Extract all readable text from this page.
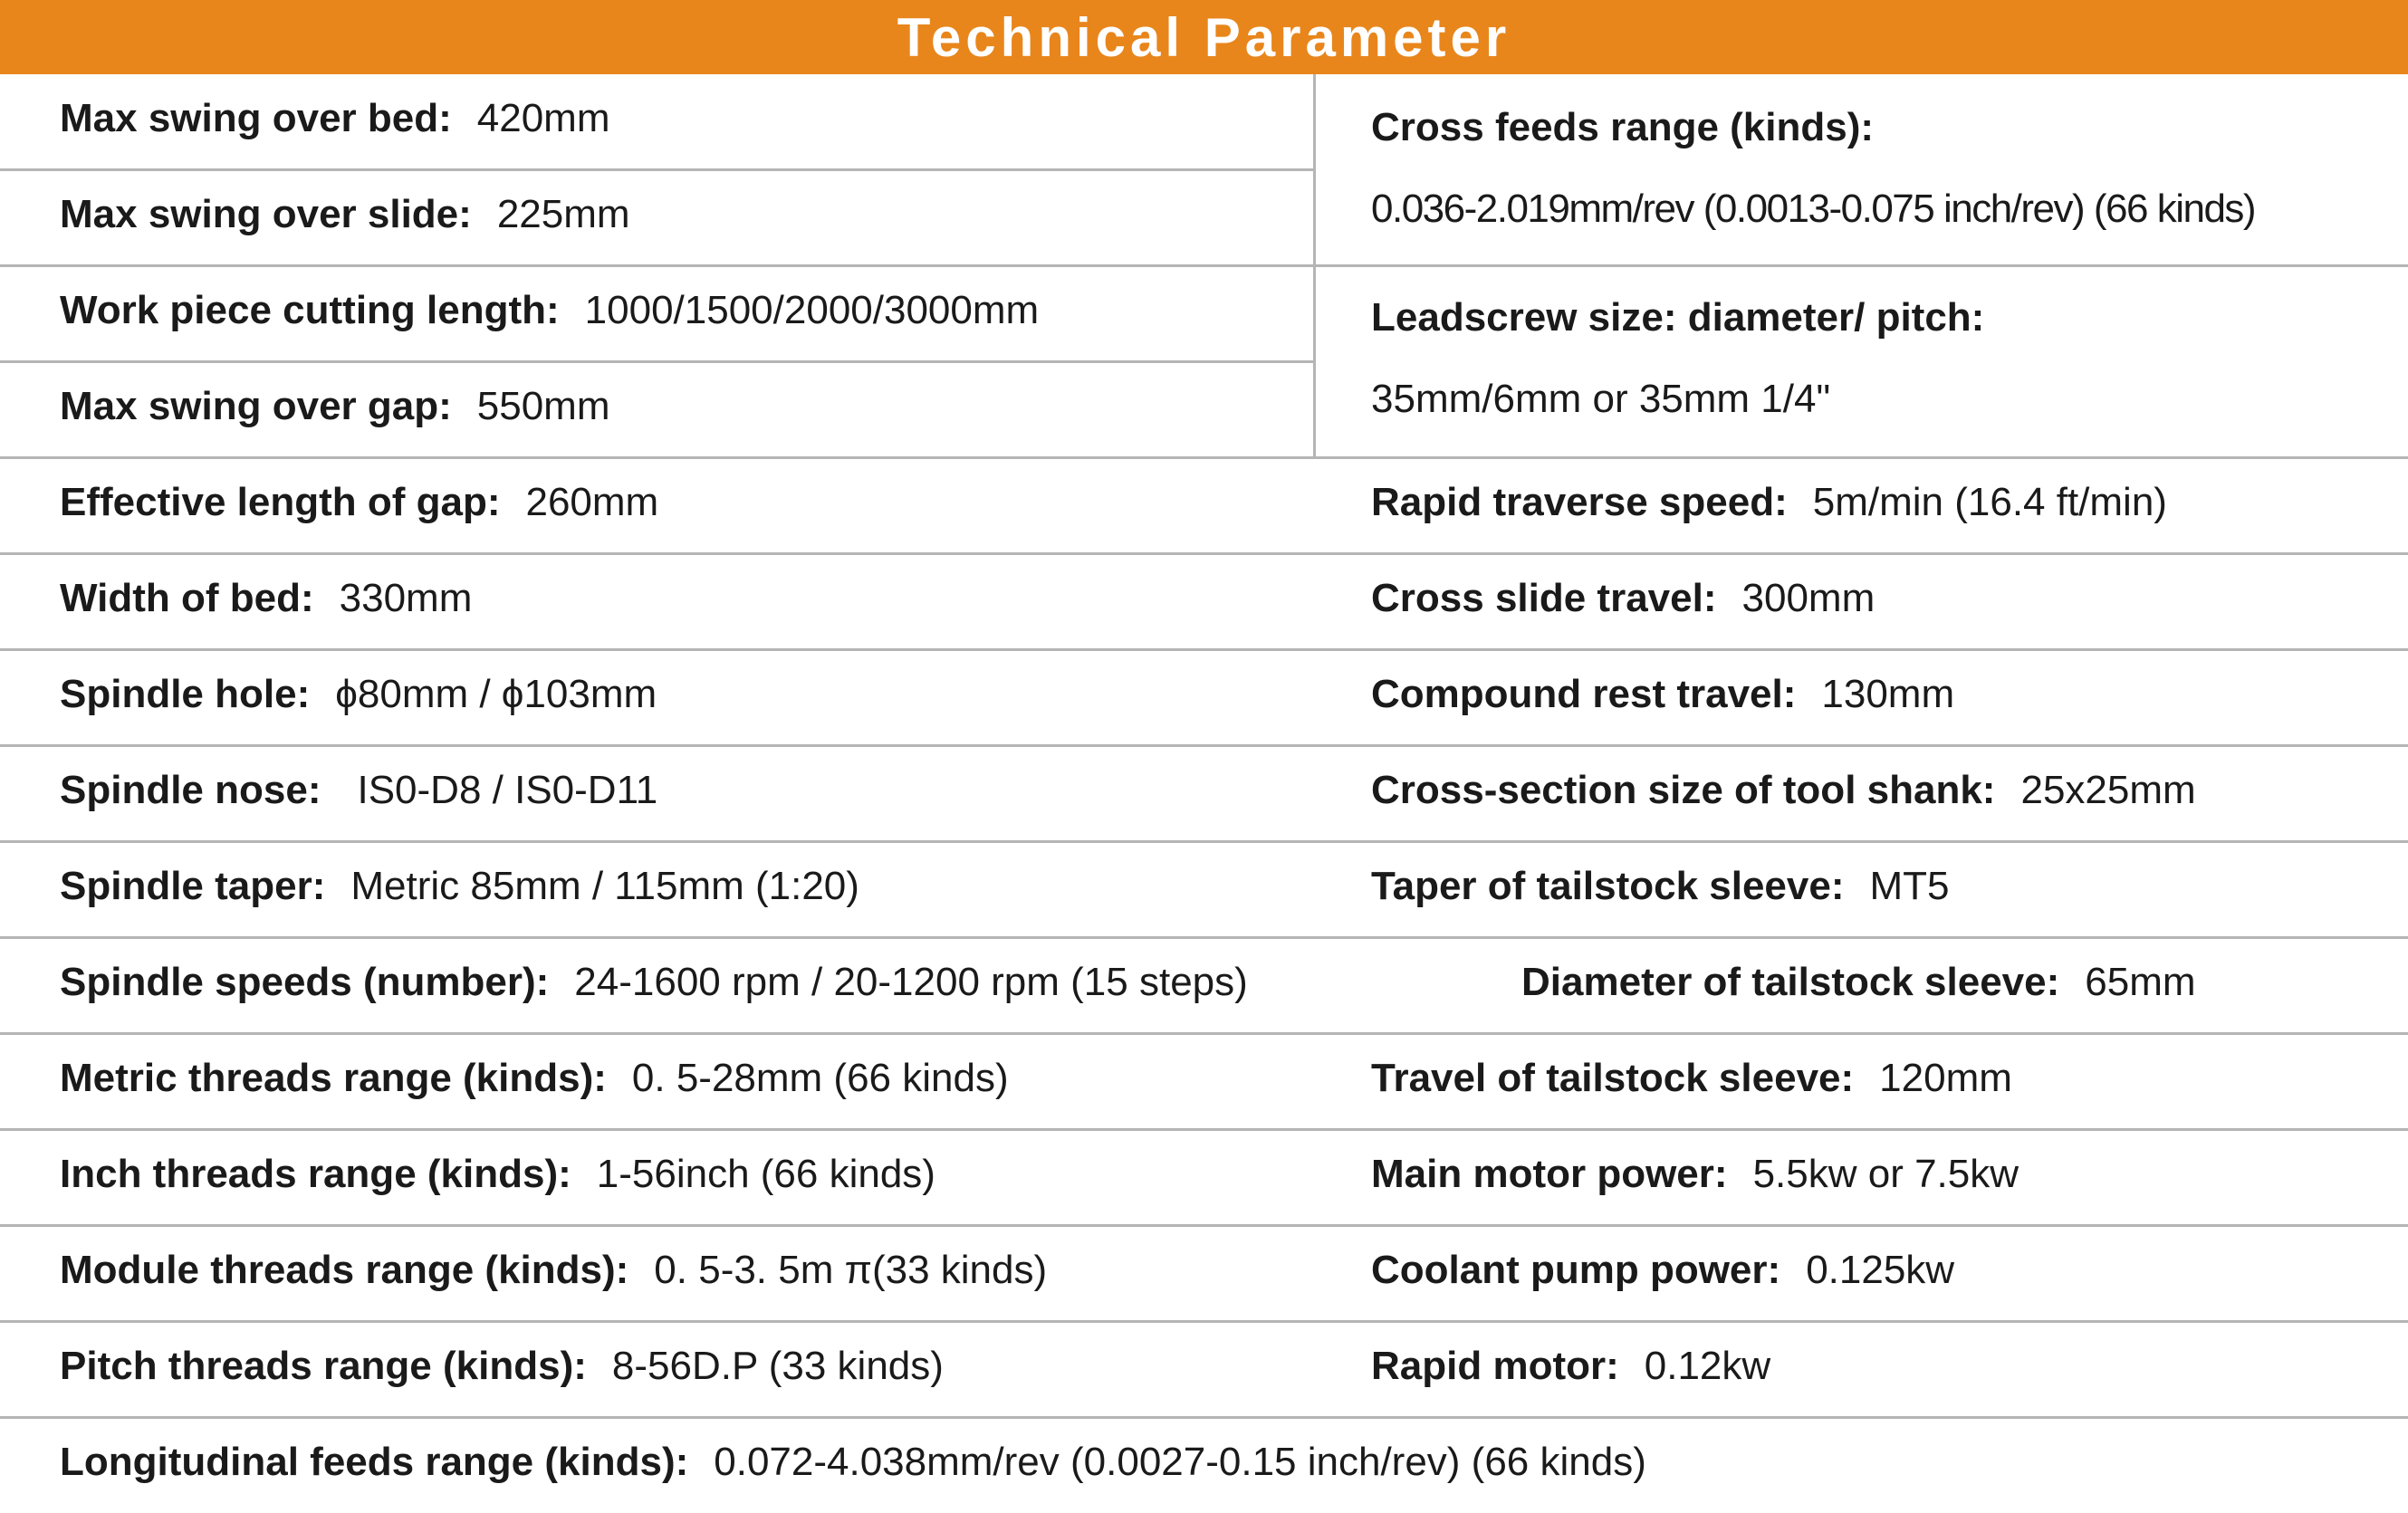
Technical Parameter
Max swing over bed: 420mm
Max swing over slide: 225mm
Work piece cutting length: 1000/1500/2000/3000mm
Max swing over gap: 550mm
Cross feeds range (kinds):
0.036-2.019mm/rev (0.0013-0.075 inch/rev) (66 kinds)
Leadscrew size: diameter/ pitch:
35mm/6mm or 35mm 1/4"
Effective length of gap: 260mm	Rapid traverse speed: 5m/min (16.4 ft/min)
Width of bed: 330mm	Cross slide travel: 300mm
Spindle hole: ϕ80mm / ϕ103mm	Compound rest travel: 130mm
Spindle nose: IS0-D8 / IS0-D11	Cross-section size of tool shank: 25x25mm
Spindle taper: Metric 85mm / 115mm (1:20)	Taper of tailstock sleeve: MT5
Spindle speeds (number): 24-1600 rpm / 20-1200 rpm (15 steps)	Diameter of tailstock sleeve: 65mm
Metric threads range (kinds): 0. 5-28mm (66 kinds)	Travel of tailstock sleeve: 120mm
Inch threads range (kinds): 1-56inch (66 kinds)	Main motor power: 5.5kw or 7.5kw
Module threads range (kinds): 0. 5-3. 5m π(33 kinds)	Coolant pump power: 0.125kw
Pitch threads range (kinds): 8-56D.P (33 kinds)	Rapid motor: 0.12kw
Longitudinal feeds range (kinds): 0.072-4.038mm/rev (0.0027-0.15 inch/rev) (66 kinds)
